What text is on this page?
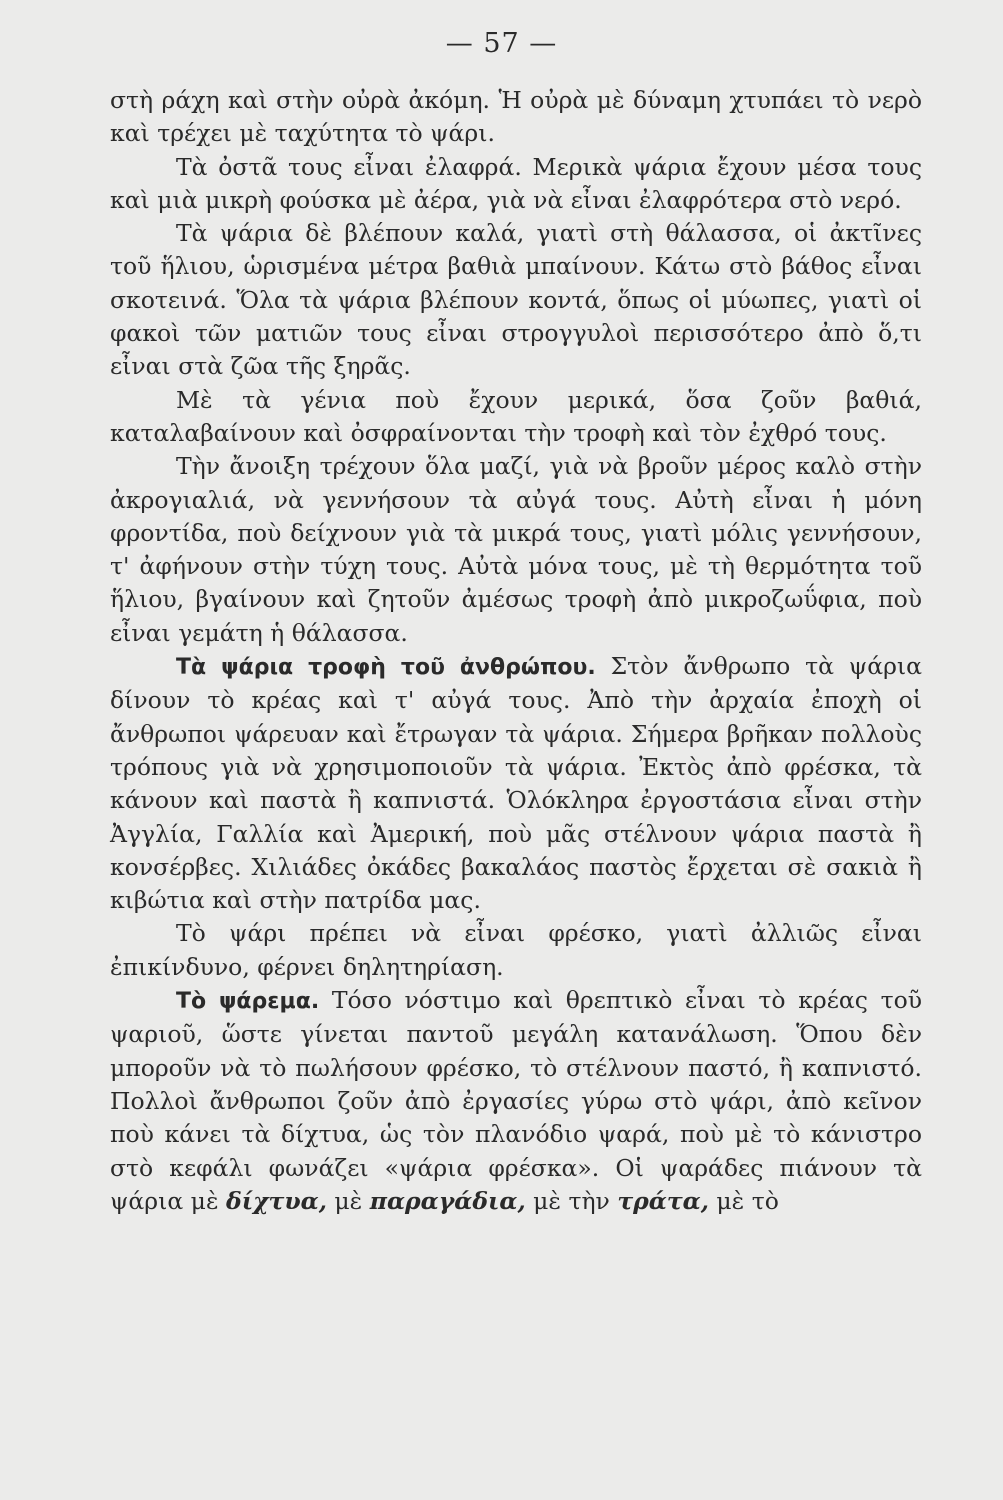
— 57 —

στὴ ράχη καὶ στὴν οὐρὰ ἀκόμη. Ἡ οὐρὰ μὲ δύναμη χτυπάει τὸ νερὸ καὶ τρέχει μὲ ταχύτητα τὸ ψάρι.

Τὰ ὀστᾶ τους εἶναι ἐλαφρά. Μερικὰ ψάρια ἔχουν μέσα τους καὶ μιὰ μικρὴ φούσκα μὲ ἀέρα, γιὰ νὰ εἶναι ἐλαφρότερα στὸ νερό.

Τὰ ψάρια δὲ βλέπουν καλά, γιατὶ στὴ θάλασσα, οἱ ἀκτῖνες τοῦ ἥλιου, ὡρισμένα μέτρα βαθιὰ μπαίνουν. Κάτω στὸ βάθος εἶναι σκοτεινά. Ὅλα τὰ ψάρια βλέπουν κοντά, ὅπως οἱ μύωπες, γιατὶ οἱ φακοὶ τῶν ματιῶν τους εἶναι στρογγυλοὶ περισσότερο ἀπὸ ὅ,τι εἶναι στὰ ζῶα τῆς ξηρᾶς.

Μὲ τὰ γένια ποὺ ἔχουν μερικά, ὅσα ζοῦν βαθιά, καταλαβαίνουν καὶ ὀσφραίνονται τὴν τροφὴ καὶ τὸν ἐχθρό τους.

Τὴν ἄνοιξη τρέχουν ὅλα μαζί, γιὰ νὰ βροῦν μέρος καλὸ στὴν ἀκρογιαλιά, νὰ γεννήσουν τὰ αὐγά τους. Αὐτὴ εἶναι ἡ μόνη φροντίδα, ποὺ δείχνουν γιὰ τὰ μικρά τους, γιατὶ μόλις γεννήσουν, τ' ἀφήνουν στὴν τύχη τους. Αὐτὰ μόνα τους, μὲ τὴ θερμότητα τοῦ ἥλιου, βγαίνουν καὶ ζητοῦν ἀμέσως τροφὴ ἀπὸ μικροζωΰφια, ποὺ εἶναι γεμάτη ἡ θάλασσα.

Τὰ ψάρια τροφὴ τοῦ ἀνθρώπου. Στὸν ἄνθρωπο τὰ ψάρια δίνουν τὸ κρέας καὶ τ' αὐγά τους. Ἀπὸ τὴν ἀρχαία ἐποχὴ οἱ ἄνθρωποι ψάρευαν καὶ ἔτρωγαν τὰ ψάρια. Σήμερα βρῆκαν πολλοὺς τρόπους γιὰ νὰ χρησιμοποιοῦν τὰ ψάρια. Ἐκτὸς ἀπὸ φρέσκα, τὰ κάνουν καὶ παστὰ ἢ καπνιστά. Ὁλόκληρα ἐργοστάσια εἶναι στὴν Ἀγγλία, Γαλλία καὶ Ἀμερική, ποὺ μᾶς στέλνουν ψάρια παστὰ ἢ κονσέρβες. Χιλιάδες ὀκάδες βακαλάος παστὸς ἔρχεται σὲ σακιὰ ἢ κιβώτια καὶ στὴν πατρίδα μας.

Τὸ ψάρι πρέπει νὰ εἶναι φρέσκο, γιατὶ ἀλλιῶς εἶναι ἐπικίνδυνο, φέρνει δηλητηρίαση.

Τὸ ψάρεμα. Τόσο νόστιμο καὶ θρεπτικὸ εἶναι τὸ κρέας τοῦ ψαριοῦ, ὥστε γίνεται παντοῦ μεγάλη κατανάλωση. Ὅπου δὲν μποροῦν νὰ τὸ πωλήσουν φρέσκο, τὸ στέλνουν παστό, ἢ καπνιστό. Πολλοὶ ἄνθρωποι ζοῦν ἀπὸ ἐργασίες γύρω στὸ ψάρι, ἀπὸ κεῖνον ποὺ κάνει τὰ δίχτυα, ὡς τὸν πλανόδιο ψαρά, ποὺ μὲ τὸ κάνιστρο στὸ κεφάλι φωνάζει «ψάρια φρέσκα». Οἱ ψαράδες πιάνουν τὰ ψάρια μὲ δίχτυα, μὲ παραγάδια, μὲ τὴν τράτα, μὲ τὸ
